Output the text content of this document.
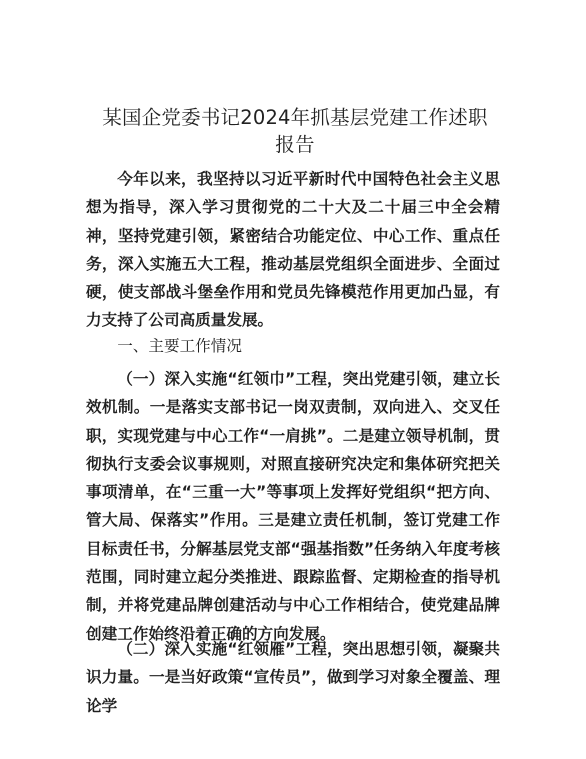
某国企党委书记2024年抓基层党建工作述职报告

今年以来，我坚持以习近平新时代中国特色社会主义思想为指导，深入学习贯彻党的二十大及二十届三中全会精神，坚持党建引领，紧密结合功能定位、中心工作、重点任务，深入实施五大工程，推动基层党组织全面进步、全面过硬，使支部战斗堡垒作用和党员先锋模范作用更加凸显，有力支持了公司高质量发展。

一、主要工作情况

（一）深入实施“红领巾”工程，突出党建引领，建立长效机制。一是落实支部书记一岗双责制，双向进入、交叉任职，实现党建与中心工作“一肩挑”。二是建立领导机制，贯彻执行支委会议事规则，对照直接研究决定和集体研究把关事项清单，在“三重一大”等事项上发挥好党组织“把方向、管大局、保落实”作用。三是建立责任机制，签订党建工作目标责任书，分解基层党支部“强基指数”任务纳入年度考核范围，同时建立起分类推进、跟踪监督、定期检查的指导机制，并将党建品牌创建活动与中心工作相结合，使党建品牌创建工作始终沿着正确的方向发展。

（二）深入实施“红领雁”工程，突出思想引领，凝聚共识力量。一是当好政策“宣传员”，做到学习对象全覆盖、理论学
